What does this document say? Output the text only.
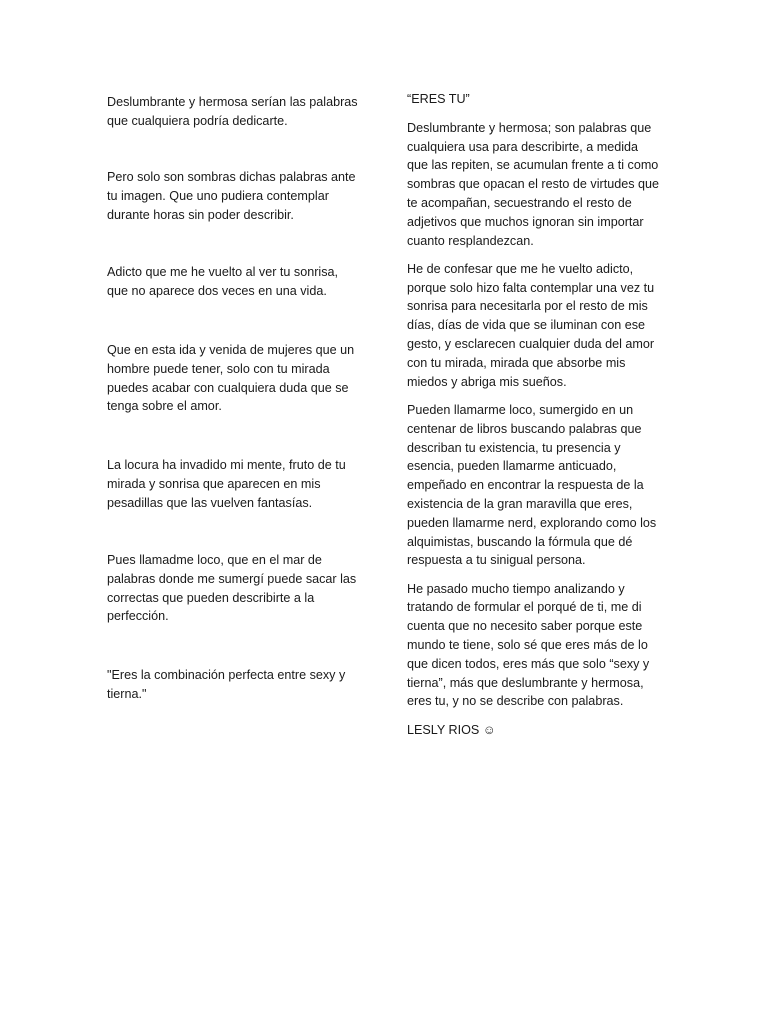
Deslumbrante y hermosa serían las palabras
que cualquiera podría dedicarte.

Pero solo son sombras dichas palabras ante
tu imagen. Que uno pudiera contemplar
durante horas sin poder describir.

Adicto que me he vuelto al ver tu sonrisa,
que no aparece dos veces en una vida.

Que en esta ida y venida de mujeres que un
hombre puede tener, solo con tu mirada
puedes acabar con cualquiera duda que se
tenga sobre el amor.

La locura ha invadido mi mente, fruto de tu
mirada y sonrisa que aparecen en mis
pesadillas que las vuelven fantasías.

Pues llamadme loco, que en el mar de
palabras donde me sumergí puede sacar las
correctas que pueden describirte a la
perfección.

"Eres la combinación perfecta entre sexy y
tierna."

“ERES TU”

Deslumbrante y hermosa; son palabras que
cualquiera usa para describirte, a medida
que las repiten, se acumulan frente a ti como
sombras que opacan el resto de virtudes que
te acompañan, secuestrando el resto de
adjetivos que muchos ignoran sin importar
cuanto resplandezcan.

He de confesar que me he vuelto adicto,
porque solo hizo falta contemplar una vez tu
sonrisa para necesitarla por el resto de mis
días, días de vida que se iluminan con ese
gesto, y esclarecen cualquier duda del amor
con tu mirada, mirada que absorbe mis
miedos y abriga mis sueños.

Pueden llamarme loco, sumergido en un
centenar de libros buscando palabras que
describan tu existencia, tu presencia y
esencia, pueden llamarme anticuado,
empeñado en encontrar la respuesta de la
existencia de la gran maravilla que eres,
pueden llamarme nerd, explorando como los
alquimistas, buscando la fórmula que dé
respuesta a tu sinigual persona.

He pasado mucho tiempo analizando y
tratando de formular el porqué de ti, me di
cuenta que no necesito saber porque este
mundo te tiene, solo sé que eres más de lo
que dicen todos, eres más que solo “sexy y
tierna”, más que deslumbrante y hermosa,
eres tu, y no se describe con palabras.

LESLY RIOS ☺
